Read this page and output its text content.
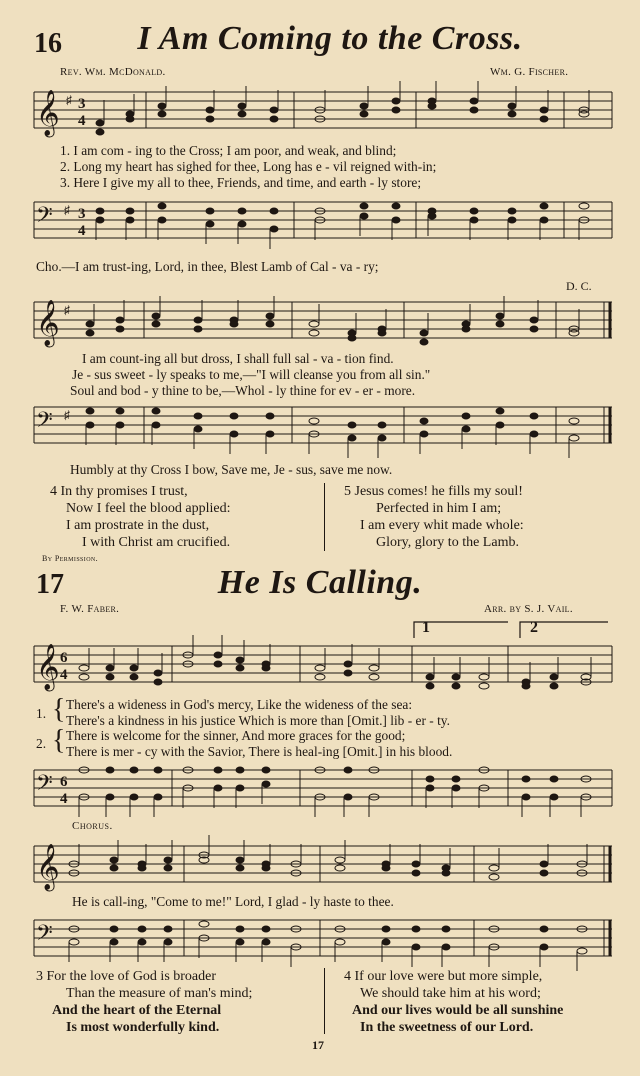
16	I Am Coming to the Cross.
Rev. Wm. McDonald.	Wm. G. Fischer.
𝄞 3
4
♯
1. I am com - ing to the Cross; I am poor, and weak, and blind;
2. Long my heart has sighed for thee, Long has e - vil reigned with-in;
3. Here I give my all to thee, Friends, and time, and earth - ly store;
𝄢 3
4
♯
Cho.—I am trust-ing, Lord, in thee, Blest Lamb of Cal - va - ry;
D. C.
𝄞 ♯
I am count-ing all but dross, I shall full sal - va - tion find.
Je - sus sweet - ly speaks to me,—"I will cleanse you from all sin."
Soul and bod - y thine to be,—Whol - ly thine for ev - er - more.
𝄢 ♯
Humbly at thy Cross I bow, Save me, Je - sus, save me now.
4 In thy promises I trust,
Now I feel the blood applied:
I am prostrate in the dust,
I with Christ am crucified.
5 Jesus comes! he fills my soul!
Perfected in him I am;
I am every whit made whole:
Glory, glory to the Lamb.
By Permission.
17	He Is Calling.
F. W. Faber.	Arr. by S. J. Vail.
1	2
𝄞 6
4
1. { There's a wideness in God's mercy, Like the wideness of the sea:
There's a kindness in his justice Which is more than [Omit.] lib - er - ty.
2. { There is welcome for the sinner, And more graces for the good;
There is mer - cy with the Savior, There is heal-ing [Omit.] in his blood.
𝄢 6
4
Chorus.
𝄞
He is call-ing, "Come to me!" Lord, I glad - ly haste to thee.
𝄢
3 For the love of God is broader
Than the measure of man's mind;
And the heart of the Eternal
Is most wonderfully kind.
4 If our love were but more simple,
We should take him at his word;
And our lives would be all sunshine
In the sweetness of our Lord.
17
